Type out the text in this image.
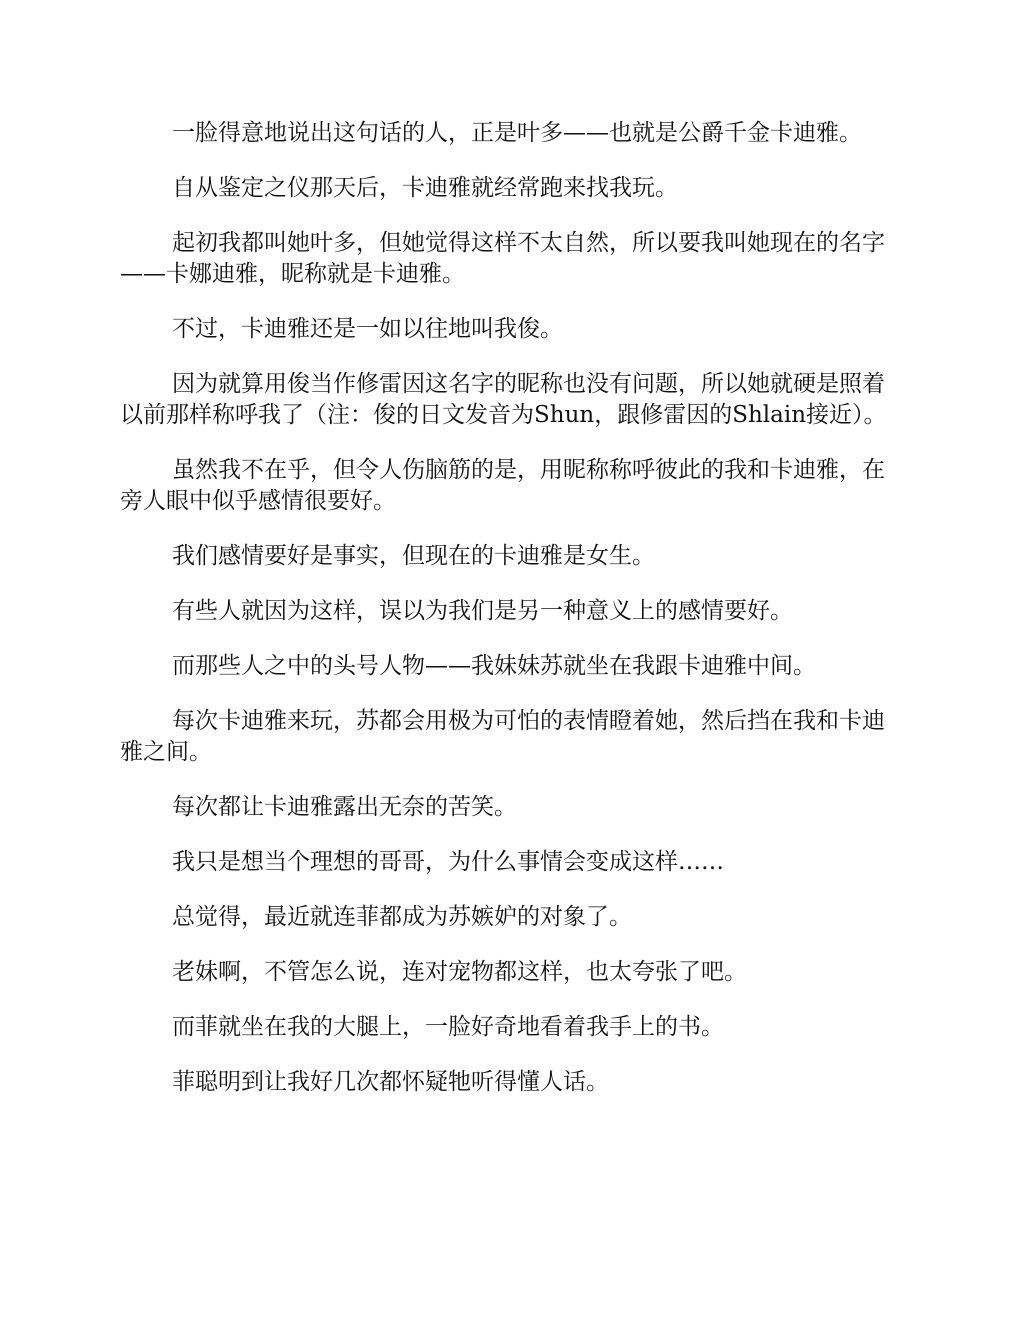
一脸得意地说出这句话的人，正是叶多——也就是公爵千金卡迪雅。

自从鉴定之仪那天后，卡迪雅就经常跑来找我玩。

起初我都叫她叶多，但她觉得这样不太自然，所以要我叫她现在的名字——卡娜迪雅，昵称就是卡迪雅。

不过，卡迪雅还是一如以往地叫我俊。

因为就算用俊当作修雷因这名字的昵称也没有问题，所以她就硬是照着以前那样称呼我了（注：俊的日文发音为Shun，跟修雷因的Shlain接近）。

虽然我不在乎，但令人伤脑筋的是，用昵称称呼彼此的我和卡迪雅，在旁人眼中似乎感情很要好。

我们感情要好是事实，但现在的卡迪雅是女生。

有些人就因为这样，误以为我们是另一种意义上的感情要好。

而那些人之中的头号人物——我妹妹苏就坐在我跟卡迪雅中间。

每次卡迪雅来玩，苏都会用极为可怕的表情瞪着她，然后挡在我和卡迪雅之间。

每次都让卡迪雅露出无奈的苦笑。

我只是想当个理想的哥哥，为什么事情会变成这样……

总觉得，最近就连菲都成为苏嫉妒的对象了。

老妹啊，不管怎么说，连对宠物都这样，也太夸张了吧。

而菲就坐在我的大腿上，一脸好奇地看着我手上的书。

菲聪明到让我好几次都怀疑牠听得懂人话。
